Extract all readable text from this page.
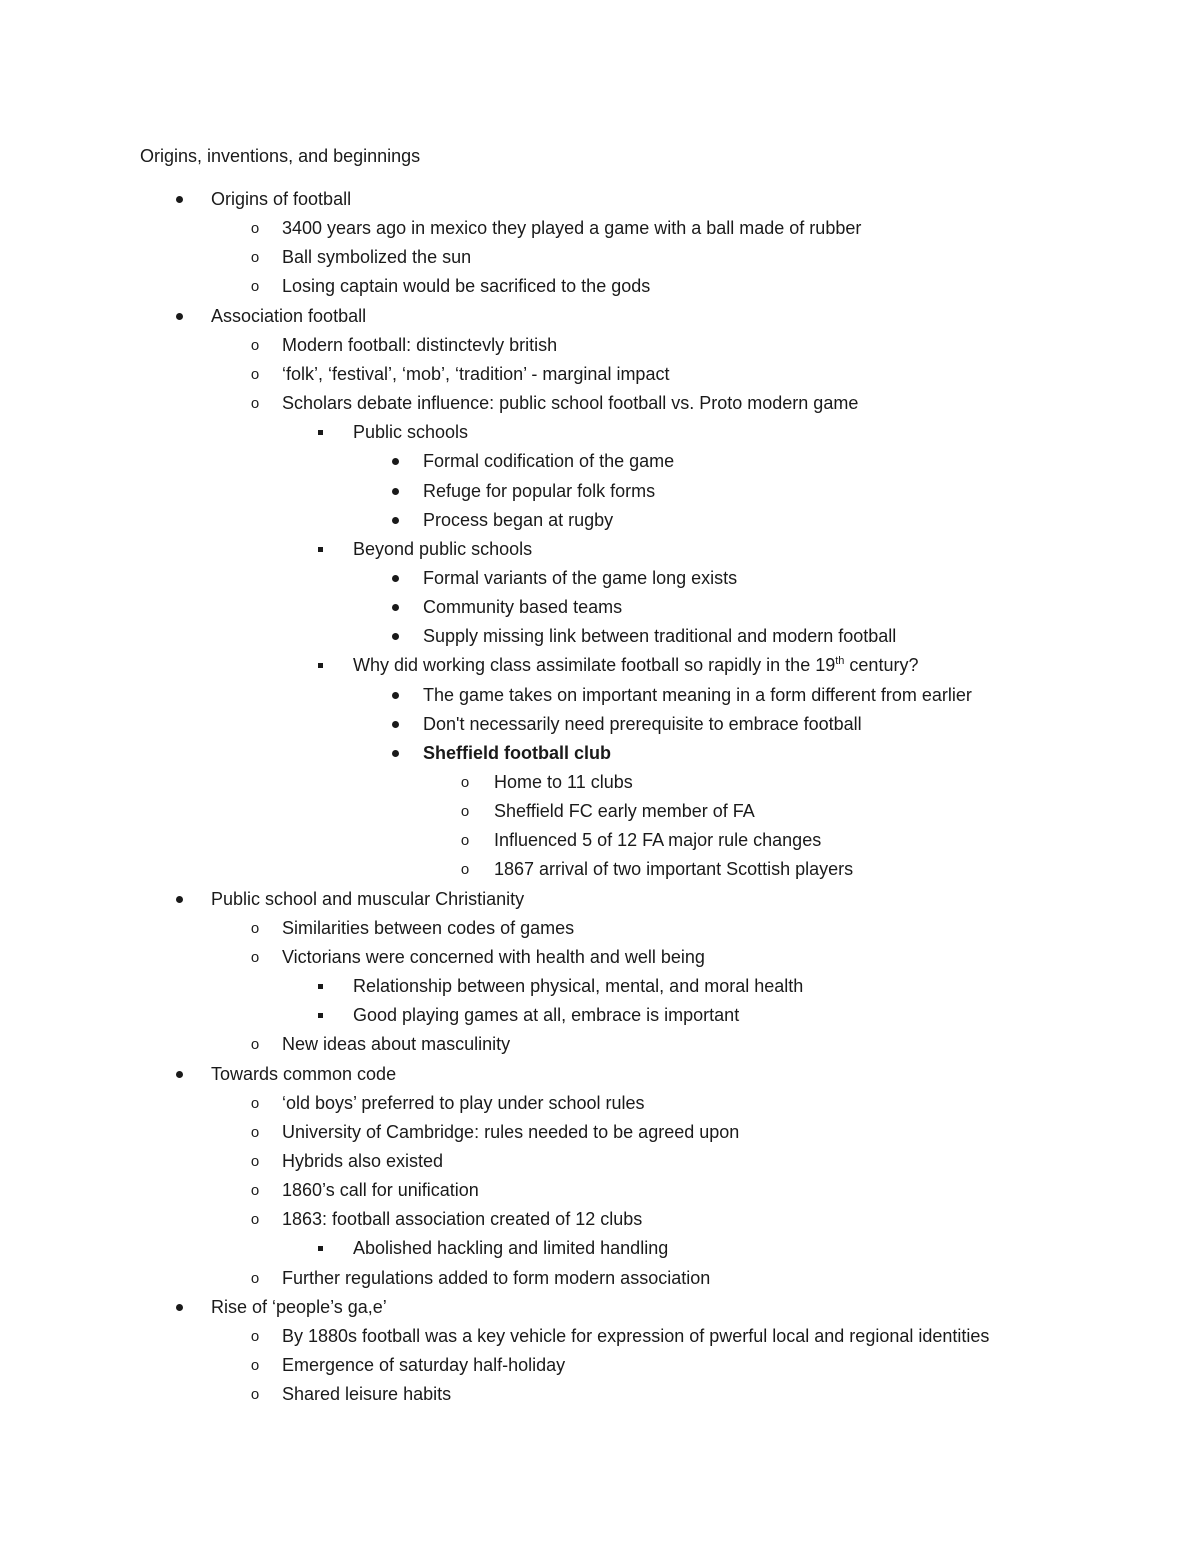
Origins, inventions, and beginnings
Origins of football
o	3400 years ago in mexico they played a game with a ball made of rubber
o	Ball symbolized the sun
o	Losing captain would be sacrificed to the gods
Association football
o	Modern football: distinctevly british
o	‘folk’, ‘festival’, ‘mob’, ‘tradition’ - marginal impact
o	Scholars debate influence: public school football vs. Proto modern game
Public schools
Formal codification of the game
Refuge for popular folk forms
Process began at rugby
Beyond public schools
Formal variants of the game long exists
Community based teams
Supply missing link between traditional and modern football
Why did working class assimilate football so rapidly in the 19th century?
The game takes on important meaning in a form different from earlier
Don't necessarily need prerequisite to embrace football
Sheffield football club
o	Home to 11 clubs
o	Sheffield FC early member of FA
o	Influenced 5 of 12 FA major rule changes
o	1867 arrival of two important Scottish players
Public school and muscular Christianity
o	Similarities between codes of games
o	Victorians were concerned with health and well being
Relationship between physical, mental, and moral health
Good playing games at all, embrace is important
o	New ideas about masculinity
Towards common code
o	‘old boys’ preferred to play under school rules
o	University of Cambridge: rules needed to be agreed upon
o	Hybrids also existed
o	1860’s call for unification
o	1863: football association created of 12 clubs
Abolished hackling and limited handling
o	Further regulations added to form modern association
Rise of ‘people’s ga,e’
o	By 1880s football was a key vehicle for expression of pwerful local and regional identities
o	Emergence of saturday half-holiday
o	Shared leisure habits
